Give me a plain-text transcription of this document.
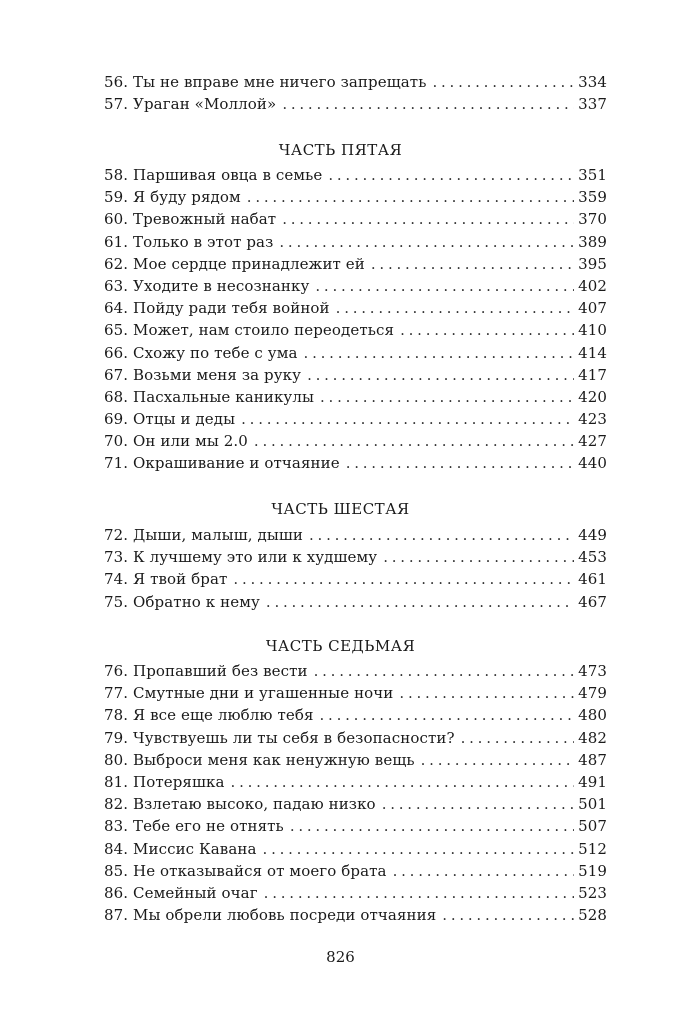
56. Ты не вправе мне ничего запрещать . . .	334
57. Ураган «Моллой» . . .	337
ЧАСТЬ ПЯТАЯ
58. Паршивая овца в семье . . .	351
59. Я буду рядом . . .	359
60. Тревожный набат . . .	370
61. Только в этот раз . . .	389
62. Мое сердце принадлежит ей . . .	395
63. Уходите в несознанку . . .	402
64. Пойду ради тебя войной . . .	407
65. Может, нам стоило переодеться . . .	410
66. Схожу по тебе с ума . . .	414
67. Возьми меня за руку . . .	417
68. Пасхальные каникулы . . .	420
69. Отцы и деды . . .	423
70. Он или мы 2.0 . . .	427
71. Окрашивание и отчаяние . . .	440
ЧАСТЬ ШЕСТАЯ
72. Дыши, малыш, дыши . . .	449
73. К лучшему это или к худшему . . .	453
74. Я твой брат . . .	461
75. Обратно к нему . . .	467
ЧАСТЬ СЕДЬМАЯ
76. Пропавший без вести . . .	473
77. Смутные дни и угашенные ночи . . .	479
78. Я все еще люблю тебя . . .	480
79. Чувствуешь ли ты себя в безопасности? . . .	482
80. Выброси меня как ненужную вещь . . .	487
81. Потеряшка . . .	491
82. Взлетаю высоко, падаю низко . . .	501
83. Тебе его не отнять . . .	507
84. Миссис Кавана . . .	512
85. Не отказывайся от моего брата . . .	519
86. Семейный очаг . . .	523
87. Мы обрели любовь посреди отчаяния . . .	528
826
